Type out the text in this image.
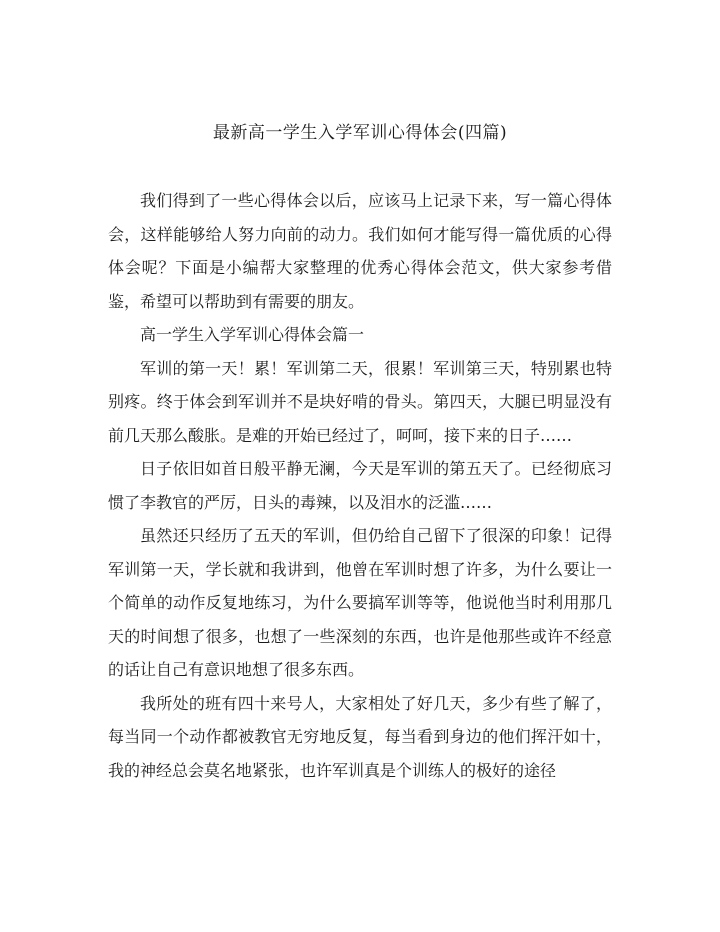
最新高一学生入学军训心得体会(四篇)

我们得到了一些心得体会以后，应该马上记录下来，写一篇心得体会，这样能够给人努力向前的动力。我们如何才能写得一篇优质的心得体会呢？下面是小编帮大家整理的优秀心得体会范文，供大家参考借鉴，希望可以帮助到有需要的朋友。

高一学生入学军训心得体会篇一

军训的第一天！累！军训第二天，很累！军训第三天，特别累也特别疼。终于体会到军训并不是块好啃的骨头。第四天，大腿已明显没有前几天那么酸胀。是难的开始已经过了，呵呵，接下来的日子……

日子依旧如首日般平静无澜，今天是军训的第五天了。已经彻底习惯了李教官的严厉，日头的毒辣，以及泪水的泛滥……

虽然还只经历了五天的军训，但仍给自己留下了很深的印象！记得军训第一天，学长就和我讲到，他曾在军训时想了许多，为什么要让一个简单的动作反复地练习，为什么要搞军训等等，他说他当时利用那几天的时间想了很多，也想了一些深刻的东西，也许是他那些或许不经意的话让自己有意识地想了很多东西。

我所处的班有四十来号人，大家相处了好几天，多少有些了解了，每当同一个动作都被教官无穷地反复，每当看到身边的他们挥汗如十，我的神经总会莫名地紧张，也许军训真是个训练人的极好的途径
